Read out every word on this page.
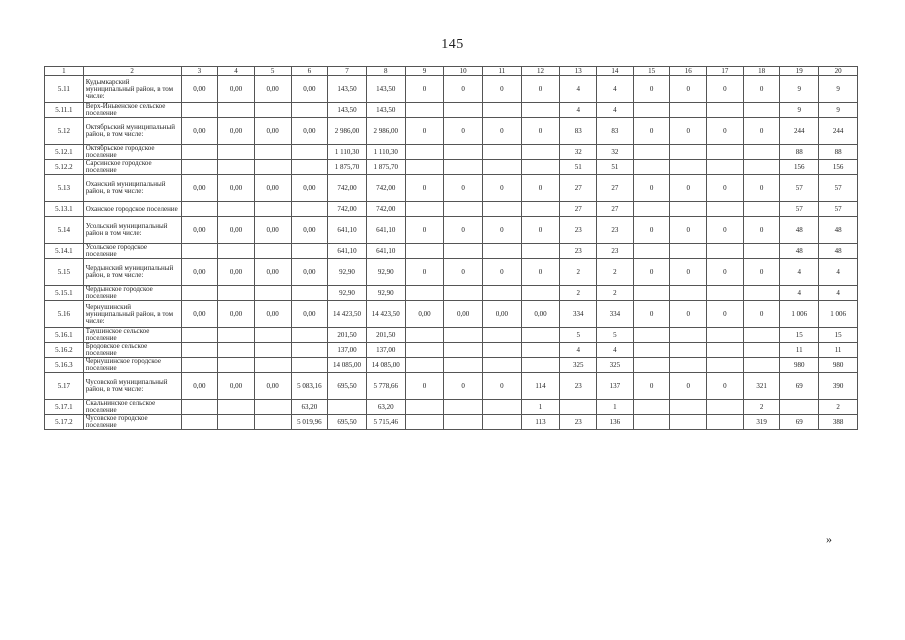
145
1	2	3	4	5	6	7	8	9	10	11	12	13	14	15	16	17	18	19	20
5.11	Кудымкарский муниципальный район, в том числе:	0,00	0,00	0,00	0,00	143,50	143,50	0	0	0	0	4	4	0	0	0	0	9	9
5.11.1	Верх-Иньвенское сельское поселение					143,50	143,50					4	4					9	9
5.12	Октябрьский муниципальный район, в том числе:	0,00	0,00	0,00	0,00	2 986,00	2 986,00	0	0	0	0	83	83	0	0	0	0	244	244
5.12.1	Октябрьское городское поселение					1 110,30	1 110,30					32	32					88	88
5.12.2	Сарсинское городское поселение					1 875,70	1 875,70					51	51					156	156
5.13	Оханский муниципальный район, в том числе:	0,00	0,00	0,00	0,00	742,00	742,00	0	0	0	0	27	27	0	0	0	0	57	57
5.13.1	Оханское городское поселение					742,00	742,00					27	27					57	57
5.14	Усольский муниципальный район в том числе:	0,00	0,00	0,00	0,00	641,10	641,10	0	0	0	0	23	23	0	0	0	0	48	48
5.14.1	Усольское городское поселение					641,10	641,10					23	23					48	48
5.15	Чердынский муниципальный район, в том числе:	0,00	0,00	0,00	0,00	92,90	92,90	0	0	0	0	2	2	0	0	0	0	4	4
5.15.1	Чердынское городское поселение					92,90	92,90					2	2					4	4
5.16	Чернушинский муниципальный район, в том числе:	0,00	0,00	0,00	0,00	14 423,50	14 423,50	0,00	0,00	0,00	0,00	334	334	0	0	0	0	1 006	1 006
5.16.1	Таушинское сельское поселение					201,50	201,50					5	5					15	15
5.16.2	Бродовское сельское поселение					137,00	137,00					4	4					11	11
5.16.3	Чернушинское городское поселение					14 085,00	14 085,00					325	325					980	980
5.17	Чусовской муниципальный район, в том числе:	0,00	0,00	0,00	5 083,16	695,50	5 778,66	0	0	0	114	23	137	0	0	0	321	69	390
5.17.1	Скальнинское сельское поселение				63,20		63,20				1		1				2		2
5.17.2	Чусовское городское поселение				5 019,96	695,50	5 715,46				113	23	136				319	69	388
»
